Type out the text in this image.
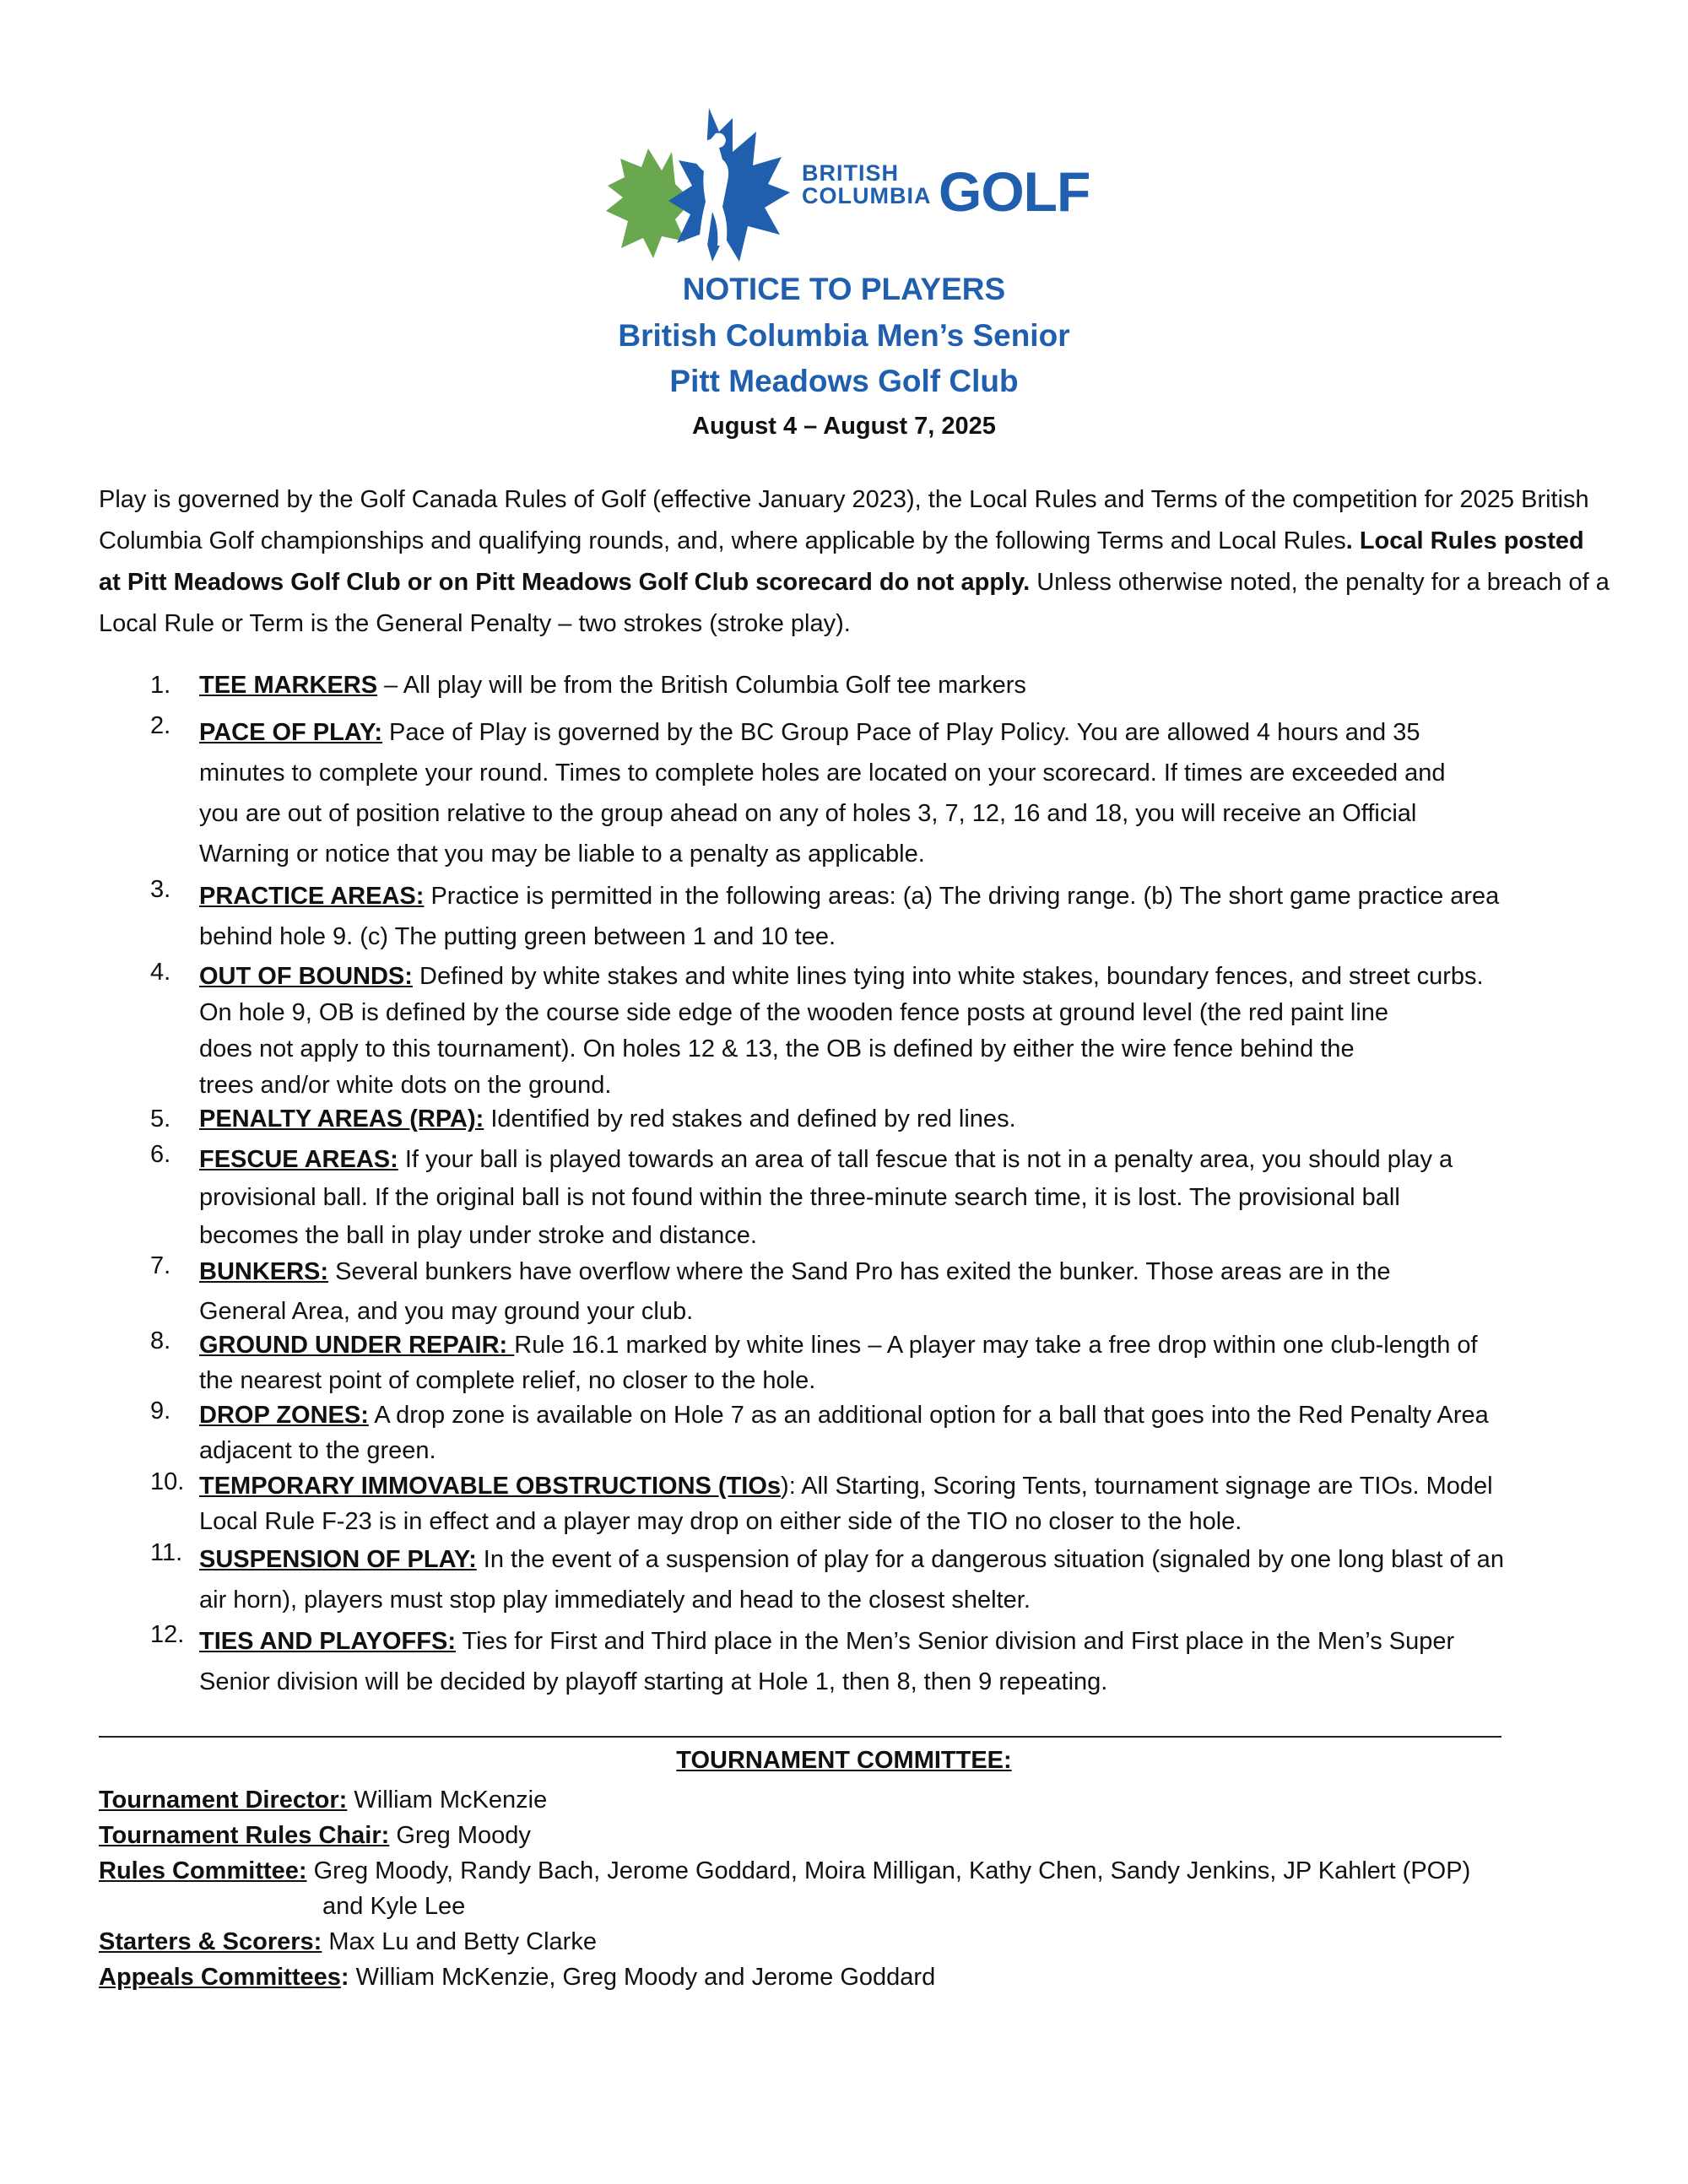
BRITISH
COLUMBIA GOLF
NOTICE TO PLAYERS
British Columbia Men’s Senior
Pitt Meadows Golf Club
August 4 – August 7, 2025
Play is governed by the Golf Canada Rules of Golf (effective January 2023), the Local Rules and Terms of the competition for 2025 British Columbia Golf championships and qualifying rounds, and, where applicable by the following Terms and Local Rules. Local Rules posted at Pitt Meadows Golf Club or on Pitt Meadows Golf Club scorecard do not apply. Unless otherwise noted, the penalty for a breach of a Local Rule or Term is the General Penalty – two strokes (stroke play).
1.	TEE MARKERS – All play will be from the British Columbia Golf tee markers
2.	PACE OF PLAY: Pace of Play is governed by the BC Group Pace of Play Policy. You are allowed 4 hours and 35
minutes to complete your round. Times to complete holes are located on your scorecard. If times are exceeded and
you are out of position relative to the group ahead on any of holes 3, 7, 12, 16 and 18, you will receive an Official
Warning or notice that you may be liable to a penalty as applicable.
3.	PRACTICE AREAS: Practice is permitted in the following areas: (a) The driving range. (b) The short game practice area
behind hole 9. (c) The putting green between 1 and 10 tee.
4.	OUT OF BOUNDS: Defined by white stakes and white lines tying into white stakes, boundary fences, and street curbs.
On hole 9, OB is defined by the course side edge of the wooden fence posts at ground level (the red paint line
does not apply to this tournament). On holes 12 & 13, the OB is defined by either the wire fence behind the
trees and/or white dots on the ground.
5.	PENALTY AREAS (RPA): Identified by red stakes and defined by red lines.
6.	FESCUE AREAS: If your ball is played towards an area of tall fescue that is not in a penalty area, you should play a
provisional ball. If the original ball is not found within the three-minute search time, it is lost. The provisional ball
becomes the ball in play under stroke and distance.
7.	BUNKERS: Several bunkers have overflow where the Sand Pro has exited the bunker. Those areas are in the
General Area, and you may ground your club.
8.	GROUND UNDER REPAIR: Rule 16.1 marked by white lines – A player may take a free drop within one club-length of
the nearest point of complete relief, no closer to the hole.
9.	DROP ZONES: A drop zone is available on Hole 7 as an additional option for a ball that goes into the Red Penalty Area
adjacent to the green.
10. TEMPORARY IMMOVABLE OBSTRUCTIONS (TIOs): All Starting, Scoring Tents, tournament signage are TIOs. Model
Local Rule F-23 is in effect and a player may drop on either side of the TIO no closer to the hole.
11. SUSPENSION OF PLAY: In the event of a suspension of play for a dangerous situation (signaled by one long blast of an
air horn), players must stop play immediately and head to the closest shelter.
12. TIES AND PLAYOFFS: Ties for First and Third place in the Men’s Senior division and First place in the Men’s Super
Senior division will be decided by playoff starting at Hole 1, then 8, then 9 repeating.
TOURNAMENT COMMITTEE:
Tournament Director: William McKenzie
Tournament Rules Chair: Greg Moody
Rules Committee: Greg Moody, Randy Bach, Jerome Goddard, Moira Milligan, Kathy Chen, Sandy Jenkins, JP Kahlert (POP)
and Kyle Lee
Starters & Scorers: Max Lu and Betty Clarke
Appeals Committees: William McKenzie, Greg Moody and Jerome Goddard
